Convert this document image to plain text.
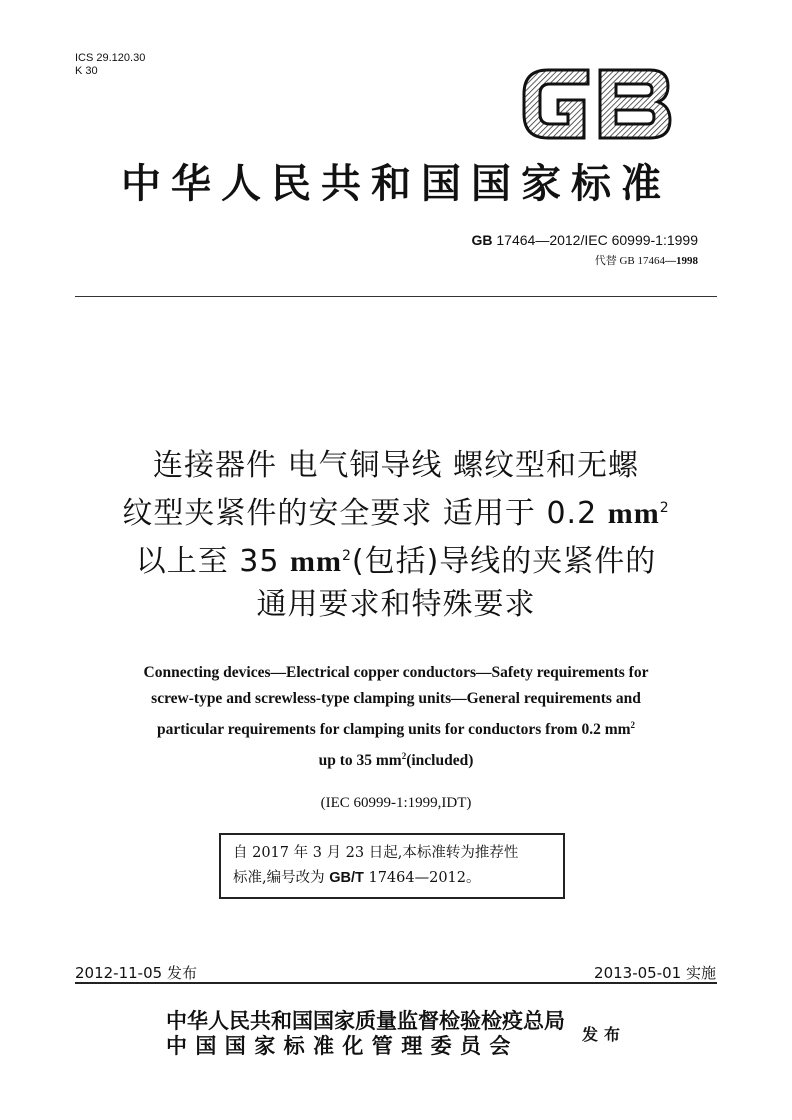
ICS 29.120.30
K 30
中华人民共和国国家标准
GB 17464—2012/IEC 60999-1:1999
代替 GB 17464—1998
连接器件 电气铜导线 螺纹型和无螺
纹型夹紧件的安全要求 适用于 0.2 $mm^2$
以上至 35 $mm^2$(包括)导线的夹紧件的
通用要求和特殊要求
Connecting devices—Electrical copper conductors—Safety requirements for
screw-type and screwless-type clamping units—General requirements and
particular requirements for clamping units for conductors from 0.2 $mm^2$
up to 35 $mm^2(included)$
(IEC 60999-1:1999,IDT)
自 2017 年 3 月 23 日起,本标准转为推荐性
标准,编号改为 GB/T 17464—2012。
2012-11-05 发布	2013-05-01 实施
中华人民共和国国家质量监督检验检疫总局
中国国家标准化管理委员会	发布
